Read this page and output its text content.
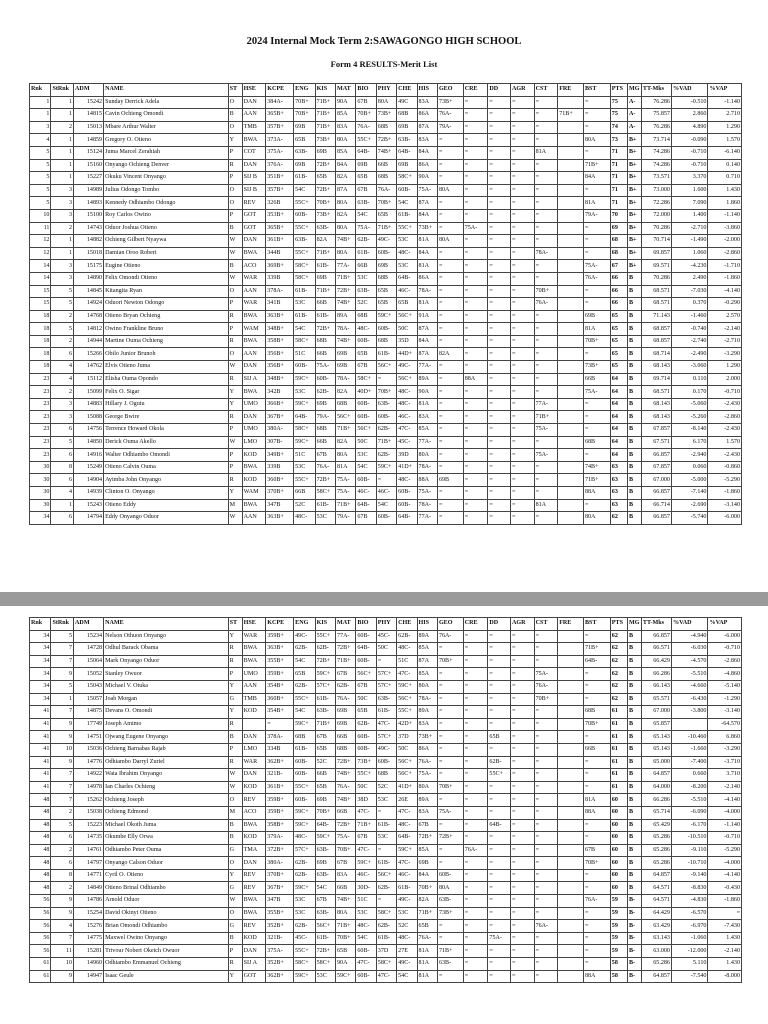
2024 Internal Mock Term 2:SAWAGONGO HIGH SCHOOL
Form 4 RESULTS-Merit List
Rnk	StRnk	ADM	NAME	ST	HSE	KCPE	ENG	KIS	MAT	BIO	PHY	CHE	HIS	GEO	CRE	DD	AGR	CST	FRE	BST	PTS	MG	TT-Mks	%VAD	%VAP
1	1	15242	Sunday Derrick Adela	O	DAN	384A-	70B+	71B+	90A	67B	80A	49C	83A	73B+	=	=	=	=		=	75	A-	76.286	-0.510	-1.140
1	1	14815	Cavin Ochieng Omondi	B	AAN	365B+	70B+	71B+	85A	70B+	73B+	68B	86A	76A-	=	=	=	=	71B+	=	75	A-	75.857	2.860	2.710
3	2	15013	Mbare Arthur Walter	O	TMB	357B+	69B	71B+	83A	76A-	68B	69B	87A	79A-	=	=	=	=		=	74	A-	76.286	4.890	1.290
4	1	14859	Gregory O. Otieno	Y	BWA	373A-	65B	73B+	80A	55C+	72B+	63B-	83A	=	=	=	=	=		80A	73	B+	73.714	-0.090	1.570
5	1	15124	Juma Marcel Zerahiah	P	COT	375A-	63B-	69B	85A	64B-	74B+	64B-	84A	=	=	=	=	81A		=	71	B+	74.286	-0.710	-6.140
5	1	15160	Onyango Ochieng Denver	R	DAN	376A-	69B	72B+	84A	69B	66B	69B	86A	=	=	=	=	=		71B+	71	B+	74.286	-0.710	0.140
5	1	15227	Okuku Vincent Onyango	P	SIJ B	351B+	61B-	65B	82A	65B	68B	58C+	90A	=	=	=	=	=		84A	71	B+	73.571	3.370	0.710
5	3	14989	Julius Odongo Tombo	O	SIJ B	357B+	54C	72B+	87A	67B	76A-	60B-	75A-	80A	=	=	=	=		=	71	B+	73.000	1.600	1.430
5	3	14893	Kennedy Odhiambo Odongo	O	REV	326B	55C+	70B+	80A	63B-	70B+	54C	87A	=	=	=	=	=		81A	71	B+	72.286	7.090	1.860
10	3	15100	Roy Carlos Owino	P	GOT	353B+	60B-	73B+	82A	54C	65B	61B-	84A	=	=	=	=	=		79A-	70	B+	72.000	1.400	-1.140
11	2	14743	Oduor Joshua Otieno	B	GOT	365B+	55C+	63B-	80A	75A-	71B+	55C+	73B+	=	75A-	=	=	=		=	69	B+	70.286	-2.710	-3.860
12	1	14882	Ochieng Gilbert Nyaywa	W	DAN	361B+	63B-	82A	74B+	62B-	49C-	53C	81A	80A	=	=	=	=		=	68	B+	70.714	-1.490	-2.000
12	1	15018	Damian Oroo Robert	W	BWA	344B	55C+	71B+	80A	61B-	60B-	48C-	84A	=	=	=	=	78A-		=	68	B+	69.857	1.060	-2.860
14	3	15175	Eugine Otieno	B	ACO	369B+	58C+	61B-	77A-	66B	69B	53C	81A	=	=	=	=	=		75A-	67	B+	69.571	-4.230	-1.710
14	3	14890	Felix Omondi Otieno	W	WAR	339B	58C+	69B	71B+	53C	68B	64B-	86A	=	=	=	=	=		76A-	66	B	70.286	2.490	-1.860
15	5	14845	Kitangita Ryan	O	AAN	378A-	61B-	71B+	72B+	63B-	65B	46C-	78A-	=	=	=	=	70B+		=	66	B	68.571	-7.030	-4.140
15	5	14924	Oduori Newton Odongo	P	WAR	341B	53C	66B	74B+	52C	65B	65B	81A	=	=	=	=	76A-		=	66	B	68.571	0.370	-0.290
18	2	14768	Otieno Bryan Ochieng	R	BWA	363B+	61B-	61B-	89A	68B	59C+	56C+	91A	=	=	=	=	=		69B	65	B	71.143	-1.460	2.570
18	5	14812	Owino Frankline Bruno	P	WAM	348B+	54C	72B+	78A-	48C-	60B-	50C	87A	=	=	=	=	=		81A	65	B	68.857	-0.740	-2.140
18	2	14944	Martine Ouma Ochieng	R	BWA	358B+	58C+	68B	74B+	60B-	68B	35D	84A	=	=	=	=	=		70B+	65	B	68.857	-2.740	-2.710
18	6	15266	Obilo Junior Brunoh	O	AAN	356B+	51C	66B	69B	65B	61B-	44D+	87A	82A	=	=	=	=		=	65	B	68.714	-2.490	-3.290
18	4	14762	Elvis Otieno Juma	W	DAN	356B+	60B-	75A-	69B	67B	56C+	49C-	77A-	=	=	=	=	=		73B+	65	B	68.143	-3.060	1.290
23	4	15112	Elisha Ouma Opondo	R	SIJ A	348B+	59C+	60B-	78A-	58C+	=	56C+	89A	=	88A	=	=	=		66B	64	B	69.714	0.110	2.000
23	2	15099	Felix O. Sigar	Y	BWA	342B	53C	62B-	82A	40D+	70B+	48C-	90A	=	=	=	=	=		75A-	64	B	68.571	0.170	-0.710
23	3	14883	Hillary J. Ogutu	Y	UMO	366B+	59C+	69B	68B	60B-	63B-	48C-	81A	=	=	=	=	77A-		=	64	B	68.143	-5.060	-2.430
23	3	15088	George Bwire	R	DAN	367B+	64B-	79A-	56C+	60B-	60B-	46C-	83A	=	=	=	=	71B+		=	64	B	68.143	-5.260	-2.860
23	6	14756	Terrence Howard Okola	P	UMO	380A-	58C+	68B	71B+	56C+	62B-	47C-	85A	=	=	=	=	75A-		=	64	B	67.857	-8.140	-2.430
23	5	14850	Derick Ouma Akello	W	LMO	307B-	59C+	66B	82A	50C	71B+	45C-	77A-	=	=	=	=	=		68B	64	B	67.571	6.170	1.570
23	6	14916	Walter Odhiambo Omondi	P	KOD	349B+	51C	67B	80A	53C	62B-	39D	80A	=	=	=	=	75A-		=	64	B	66.857	-2.940	-2.430
30	8	15249	Otieno Calvin Ouma	P	BWA	339B	53C	76A-	81A	54C	59C+	41D+	78A-	=	=	=	=	=		74B+	63	B	67.857	0.060	-0.860
30	6	14904	Ayimba John Onyango	R	KOD	360B+	55C+	72B+	75A-	60B-	=	48C-	88A	69B	=	=	=	=		71B+	63	B	67.000	-5.000	-5.290
30	4	14939	Clinton O. Onyango	Y	WAM	370B+	66B	58C+	75A-	46C-	46C-	60B-	75A-	=	=	=	=	=		88A	63	B	66.857	-7.140	-1.860
30	1	15243	Otieno Eddy	M	BWA	347B	52C	61B-	71B+	64B-	54C	60B-	78A-	=	=	=	=	81A		=	63	B	66.714	-2.690	-3.140
34	6	14794	Eddy Onyango Oduor	W	AAN	363B+	48C-	53C	79A-	67B	60B-	64B-	77A-	=	=	=	=	=		80A	62	B	66.857	-5.740	-6.000
Rnk	StRnk	ADM	NAME	ST	HSE	KCPE	ENG	KIS	MAT	BIO	PHY	CHE	HIS	GEO	CRE	DD	AGR	CST	FRE	BST	PTS	MG	TT-Mks	%VAD	%VAP
34	5	15234	Nelson Othuon Onyango	Y	WAR	359B+	49C-	55C+	77A-	60B-	45C-	62B-	89A	76A-	=	=	=	=		=	62	B	66.857	-4.940	-6.000
34	7	14728	Odhul Barack Obama	R	BWA	363B+	62B-	62B-	72B+	64B-	50C	48C-	85A	=	=	=	=	=		71B+	62	B	66.571	-6.030	-0.710
34	7	15064	Mark Onyango Oduor	R	BWA	355B+	54C	72B+	71B+	60B-	=	51C	87A	70B+	=	=	=	=		64B-	62	B	66.429	-4.570	-2.860
34	9	15052	Stanley Owuor	P	UMO	359B+	65B	59C+	67B	56C+	57C+	47C-	85A	=	=	=	=	75A-		=	62	B	66.286	-5.510	-4.860
34	5	15043	Michael V. Otuka	Y	AAN	354B+	62B-	57C+	62B-	67B	57C+	59C+	80A	=	=	=	=	76A-		=	62	B	66.143	-4.660	-5.140
34	1	15057	Joab Morgan	G	TMB	360B+	55C+	61B-	76A-	50C	63B-	56C+	78A-	=	=	=	=	70B+		=	62	B	65.571	-6.430	-1.290
41	7	14875	Devans O. Omondi	Y	KOD	354B+	54C	63B-	69B	65B	61B-	55C+	89A	=	=	=	=	=		68B	61	B	67.000	-3.800	-3.140
41	9	17749	Joseph Amimo	R		=	59C+	71B+	69B	62B-	47C-	42D+	83A	=	=	=	=	=		70B+	61	B	65.857		-64.570
41	9	14751	Ojwang Eugene Onyango	B	DAN	378A-	68B	67B	66B	60B-	57C+	37D	73B+	=	=	65B	=	=		=	61	B	65.143	-10.460	6.860
41	10	15036	Ochieng Barnabas Rajab	P	LMO	334B	61B-	65B	68B	60B-	49C-	50C	86A	=	=	=	=	=		66B	61	B	65.143	-1.660	-3.290
41	9	14776	Odhiambo Darryl Zuriel	R	WAR	362B+	60B-	52C	72B+	73B+	60B-	56C+	76A-	=	=	62B-	=	=		=	61	B	65.000	-7.400	-3.710
41	7	14922	Wata Ibrahim Onyango	W	DAN	321B-	60B-	66B	74B+	55C+	68B	56C+	75A-	=	=	55C+	=	=		=	61	B	64.857	0.660	3.710
41	7	14978	Ian Charles Ochieng	W	KOD	361B+	55C+	65B	76A-	50C	52C	41D+	80A	70B+	=	=	=	=		=	61	B	64.000	-8.200	-2.140
48	7	15262	Ochieng Joseph	O	REV	359B+	60B-	69B	74B+	38D	53C	26E	89A	=	=	=	=	=		81A	60	B	66.286	-5.510	-4.140
48	2	15038	Ochieng Edmond	M	ACO	359B+	59C+	70B+	66B	47C-	=	47C-	83A	75A-	=	=	=	=		88A	60	B	65.714	-6.090	-4.000
48	5	15223	Michael Okoth Juma	B	BWA	358B+	59C+	64B-	72B+	71B+	61B-	48C-	67B	=	=	64B-	=	=		=	60	B	65.429	-6.170	-1.140
48	6	14735	Okumbe Elly Orwa	B	KOD	379A-	48C-	59C+	75A-	67B	53C	64B-	72B+	72B+	=	=	=	=		=	60	B	65.286	-10.510	-0.710
48	2	14761	Odhiambo Peter Ouma	G	TMA	372B+	57C+	63B-	70B+	47C-	=	59C+	85A	=	76A-	=	=	=		67B	60	B	65.286	-9.110	-5.290
48	6	14797	Onyango Calson Oduor	O	DAN	380A-	62B-	69B	67B	59C+	61B-	47C-	69B	=	=	=	=	=		70B+	60	B	65.286	-10.710	-4.000
48	8	14771	Cyril O. Otieno	Y	REV	370B+	62B-	63B-	83A	46C-	56C+	46C-	84A	60B-	=	=	=	=		=	60	B	64.857	-9.140	-4.140
48	2	14849	Otieno Brinal Odhiambo	G	REV	367B+	59C+	54C	66B	30D-	62B-	61B-	70B+	80A	=	=	=	=		=	60	B	64.571	-8.830	-0.430
56	9	14786	Arnold Oduor	W	BWA	347B	53C	67B	74B+	51C	=	49C-	82A	63B-	=	=	=	=		76A-	59	B-	64.571	-4.830	-1.860
56	9	15254	David Okinyi Otieno	O	BWA	355B+	53C	63B-	80A	53C	58C+	53C	71B+	73B+	=	=	=	=		=	59	B-	64.429	-6.570	=
56	4	15276	Brian Omondi Odhiambo	G	REV	352B+	62B-	56C+	71B+	48C-	62B-	52C	65B	=	=	=	=	76A-		=	59	B-	63.429	-6.970	-7.430
56	7	14775	Maxwel Owino Onyango	B	KOD	321B-	45C-	61B-	70B+	54C	61B-	48C-	76A-	=	=	75A-	=	=		=	59	B-	63.143	-1.060	1.430
56	11	15281	Trivour Nobert Oketch Owuor	P	DAN	375A-	55C+	72B+	65B	60B-	37D	27E	81A	71B+	=	=	=	=		=	59	B-	63.000	-12.000	-2.140
61	10	14960	Odhiambo Emmanuel Ochieng	R	SIJ A	352B+	58C+	58C+	90A	47C-	58C+	49C-	81A	63B-	=	=	=	=		=	58	B-	65.286	5.110	1.430
61	9	14947	Isaac Geule	Y	GOT	362B+	59C+	53C	59C+	60B-	47C-	54C	81A	=	=	=	=	=		88A	58	B-	64.857	-7.540	-8.000
